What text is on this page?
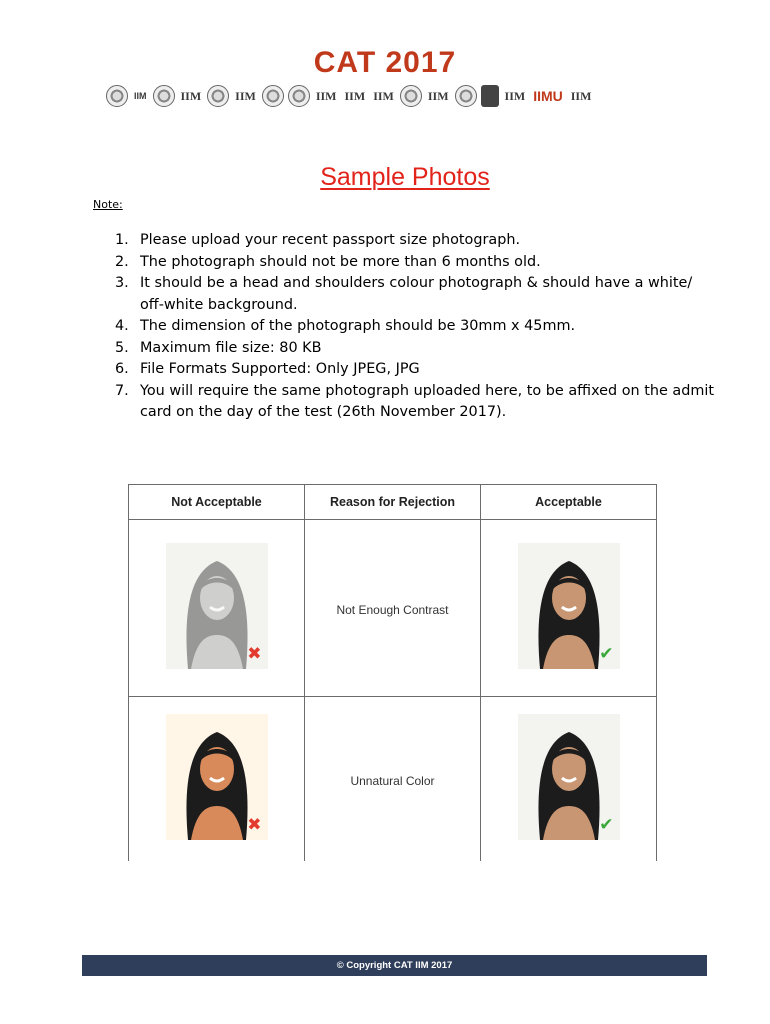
CAT 2017
IIM	IIM	IIM	IIM IIM IIM	IIM	IIM IIMU IIM
Sample Photos
Note:
1. Please upload your recent passport size photograph.
2. The photograph should not be more than 6 months old.
3. It should be a head and shoulders colour photograph & should have a white/ off-white background.
4. The dimension of the photograph should be 30mm x 45mm.
5. Maximum file size: 80 KB
6. File Formats Supported: Only JPEG, JPG
7. You will require the same photograph uploaded here, to be affixed on the admit card on the day of the test (26th November 2017).
Not Acceptable	Reason for Rejection	Acceptable

✖	Not Enough Contrast	✔

✖	Unnatural Color	✔
© Copyright CAT IIM 2017
